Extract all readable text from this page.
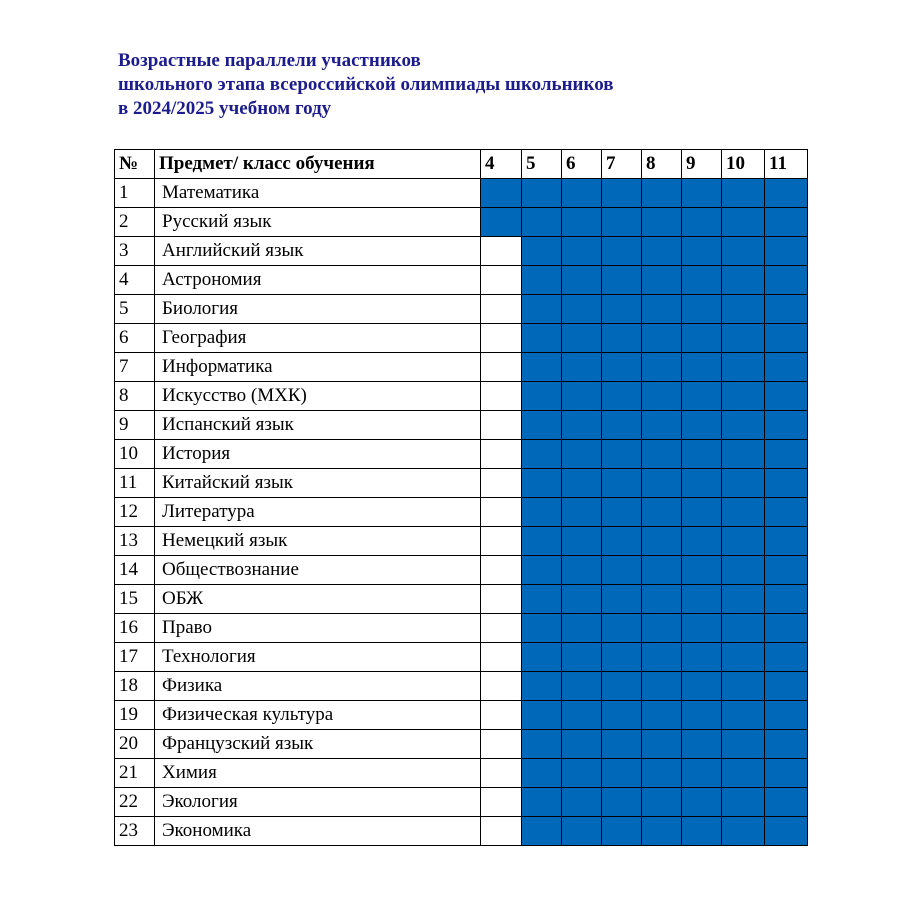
Возрастные параллели участников
школьного этапа всероссийской олимпиады школьников
в 2024/2025 учебном году
№	Предмет/ класс обучения	4	5	6	7	8	9	10	11
1	Математика								
2	Русский язык								
3	Английский язык								
4	Астрономия								
5	Биология								
6	География								
7	Информатика								
8	Искусство (МХК)								
9	Испанский язык								
10	История								
11	Китайский язык								
12	Литература								
13	Немецкий язык								
14	Обществознание								
15	ОБЖ								
16	Право								
17	Технология								
18	Физика								
19	Физическая культура								
20	Французский язык								
21	Химия								
22	Экология								
23	Экономика								
